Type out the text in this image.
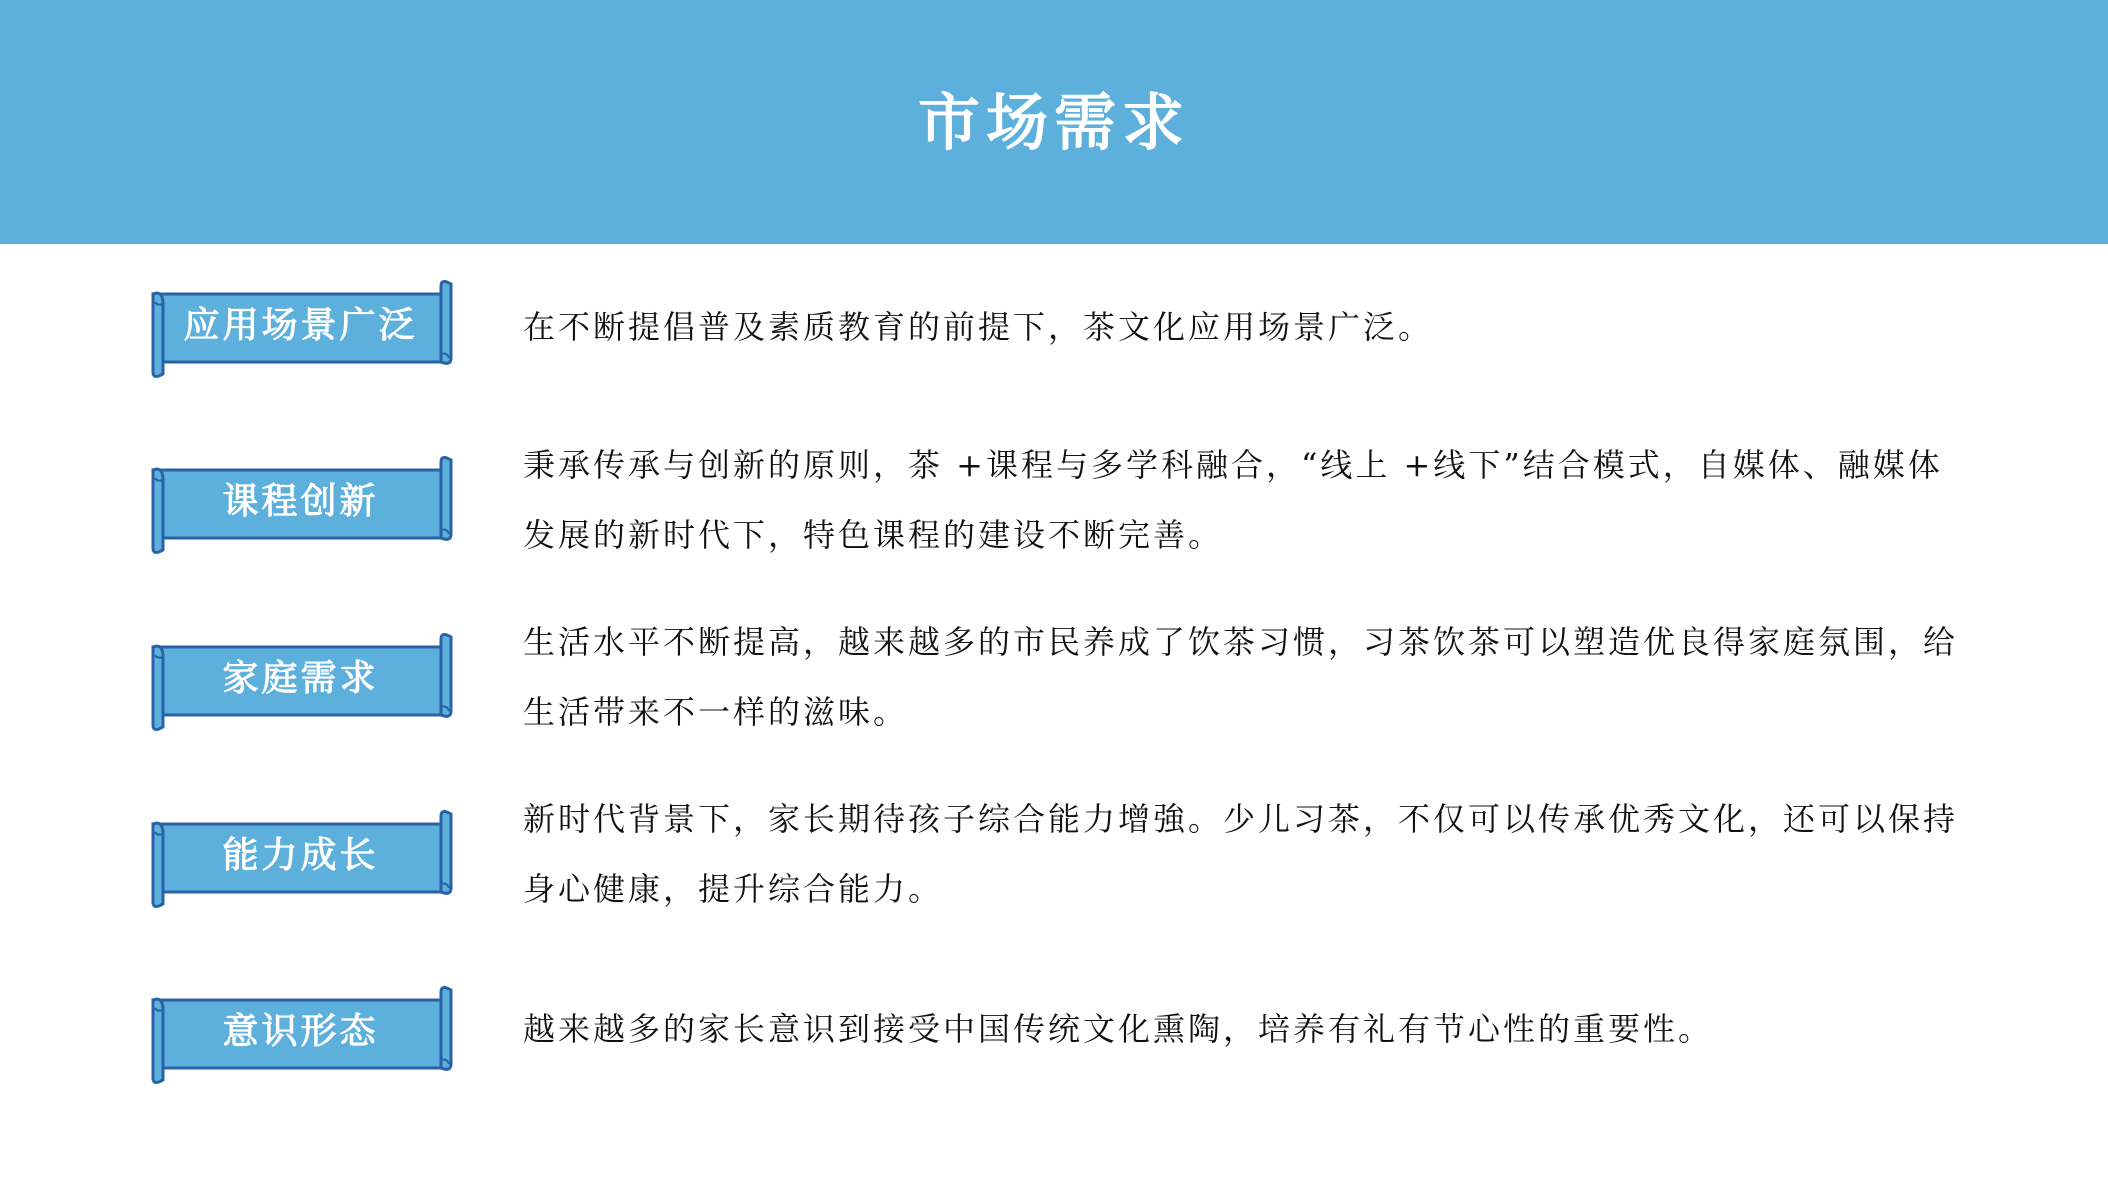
市场需求
应用场景广泛	在不断提倡普及素质教育的前提下，茶文化应用场景广泛。
课程创新
秉承传承与创新的原则，茶 +课程与多学科融合，“线上 +线下”结合模式，自媒体、融媒体发展的新时代下，特色课程的建设不断完善。
家庭需求
生活水平不断提高，越来越多的市民养成了饮茶习惯，习茶饮茶可以塑造优良得家庭氛围，给生活带来不一样的滋味。
能力成长
新时代背景下，家长期待孩子综合能力增強。少儿习茶，不仅可以传承优秀文化，还可以保持身心健康，提升综合能力。
意识形态	越来越多的家长意识到接受中国传统文化熏陶，培养有礼有节心性的重要性。
